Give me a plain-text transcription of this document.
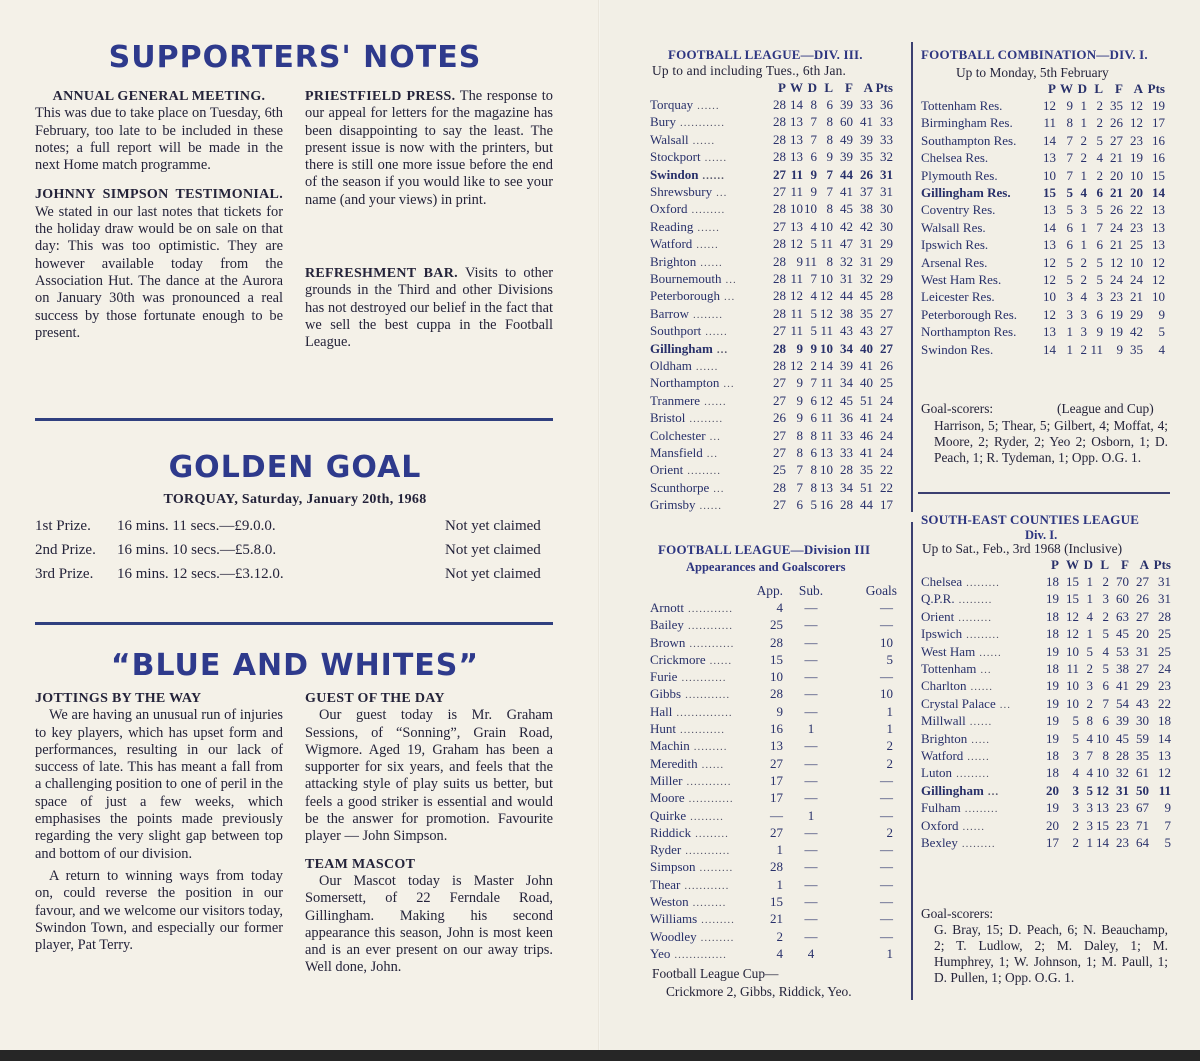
SUPPORTERS' NOTES

ANNUAL GENERAL MEETING.

This was due to take place on Tuesday, 6th February, too late to be included in these notes; a full report will be made in the next Home match programme.

JOHNNY SIMPSON TESTIMONIAL. We stated in our last notes that tickets for the holiday draw would be on sale on that day: This was too optimistic. They are however available today from the Association Hut. The dance at the Aurora on January 30th was pronounced a real success by those fortunate enough to be present.

PRIESTFIELD PRESS. The response to our appeal for letters for the magazine has been disappointing to say the least. The present issue is now with the printers, but there is still one more issue before the end of the season if you would like to see your name (and your views) in print.

REFRESHMENT BAR. Visits to other grounds in the Third and other Divisions has not destroyed our belief in the fact that we sell the best cuppa in the Football League.

GOLDEN GOAL
TORQUAY, Saturday, January 20th, 1968
1st Prize. 16 mins. 11 secs.—£9.0.0.	Not yet claimed
2nd Prize. 16 mins. 10 secs.—£5.8.0.	Not yet claimed
3rd Prize. 16 mins. 12 secs.—£3.12.0.	Not yet claimed
“BLUE AND WHITES”

JOTTINGS BY THE WAY

We are having an unusual run of injuries to key players, which has upset form and performances, resulting in our lack of success of late. This has meant a fall from a challenging position to one of peril in the space of just a few weeks, which emphasises the points made previously regarding the very slight gap between top and bottom of our division.

A return to winning ways from today on, could reverse the position in our favour, and we welcome our visitors today, Swindon Town, and especially our former player, Pat Terry.

GUEST OF THE DAY

Our guest today is Mr. Graham Sessions, of “Sonning”, Grain Road, Wigmore. Aged 19, Graham has been a supporter for six years, and feels that the attacking style of play suits us better, but feels a good striker is essential and would be the answer for promotion. Favourite player — John Simpson.

TEAM MASCOT

Our Mascot today is Master John Somersett, of 22 Ferndale Road, Gillingham. Making his second appearance this season, John is most keen and is an ever present on our away trips. Well done, John.

FOOTBALL LEAGUE—DIV. III.
Up to and including Tues., 6th Jan.
	P	W	D	L	F	A	Pts
Torquay ......	28	14	8	6	39	33	36
Bury ............	28	13	7	8	60	41	33
Walsall ......	28	13	7	8	49	39	33
Stockport ......	28	13	6	9	39	35	32
Swindon ......	27	11	9	7	44	26	31
Shrewsbury ...	27	11	9	7	41	37	31
Oxford .........	28	10	10	8	45	38	30
Reading ......	27	13	4	10	42	42	30
Watford ......	28	12	5	11	47	31	29
Brighton ......	28	9	11	8	32	31	29
Bournemouth ...	28	11	7	10	31	32	29
Peterborough ...	28	12	4	12	44	45	28
Barrow ........	28	11	5	12	38	35	27
Southport ......	27	11	5	11	43	43	27
Gillingham ...	28	9	9	10	34	40	27
Oldham ......	28	12	2	14	39	41	26
Northampton ...	27	9	7	11	34	40	25
Tranmere ......	27	9	6	12	45	51	24
Bristol .........	26	9	6	11	36	41	24
Colchester ...	27	8	8	11	33	46	24
Mansfield ...	27	8	6	13	33	41	24
Orient .........	25	7	8	10	28	35	22
Scunthorpe ...	28	7	8	13	34	51	22
Grimsby ......	27	6	5	16	28	44	17
FOOTBALL LEAGUE—Division III
Appearances and Goalscorers
	App.	Sub.	Goals
Arnott ............	4	—	—
Bailey ............	25	—	—
Brown ............	28	—	10
Crickmore ......	15	—	5
Furie ............	10	—	—
Gibbs ............	28	—	10
Hall ...............	9	—	1
Hunt ............	16	1	1
Machin .........	13	—	2
Meredith ......	27	—	2
Miller ............	17	—	—
Moore ............	17	—	—
Quirke .........	—	1	—
Riddick .........	27	—	2
Ryder ............	1	—	—
Simpson .........	28	—	—
Thear ............	1	—	—
Weston .........	15	—	—
Williams .........	21	—	—
Woodley .........	2	—	—
Yeo ..............	4	4	1
Football League Cup—
Crickmore 2, Gibbs, Riddick, Yeo.
FOOTBALL COMBINATION—DIV. I.
Up to Monday, 5th February
	P	W	D	L	F	A	Pts
Tottenham Res.	12	9	1	2	35	12	19
Birmingham Res.	11	8	1	2	26	12	17
Southampton Res.	14	7	2	5	27	23	16
Chelsea Res.	13	7	2	4	21	19	16
Plymouth Res.	10	7	1	2	20	10	15
Gillingham Res.	15	5	4	6	21	20	14
Coventry Res.	13	5	3	5	26	22	13
Walsall Res.	14	6	1	7	24	23	13
Ipswich Res.	13	6	1	6	21	25	13
Arsenal Res.	12	5	2	5	12	10	12
West Ham Res.	12	5	2	5	24	24	12
Leicester Res.	10	3	4	3	23	21	10
Peterborough Res.	12	3	3	6	19	29	9
Northampton Res.	13	1	3	9	19	42	5
Swindon Res.	14	1	2	11	9	35	4
Goal-scorers:	(League and Cup)
Harrison, 5; Thear, 5; Gilbert, 4; Moffat, 4; Moore, 2; Ryder, 2; Yeo 2; Osborn, 1; D. Peach, 1; R. Tydeman, 1; Opp. O.G. 1.
SOUTH-EAST COUNTIES LEAGUE
Div. I.
Up to Sat., Feb., 3rd 1968 (Inclusive)
	P	W	D	L	F	A	Pts
Chelsea .........	18	15	1	2	70	27	31
Q.P.R. .........	19	15	1	3	60	26	31
Orient .........	18	12	4	2	63	27	28
Ipswich .........	18	12	1	5	45	20	25
West Ham ......	19	10	5	4	53	31	25
Tottenham ...	18	11	2	5	38	27	24
Charlton ......	19	10	3	6	41	29	23
Crystal Palace ...	19	10	2	7	54	43	22
Millwall ......	19	5	8	6	39	30	18
Brighton .....	19	5	4	10	45	59	14
Watford ......	18	3	7	8	28	35	13
Luton .........	18	4	4	10	32	61	12
Gillingham ...	20	3	5	12	31	50	11
Fulham .........	19	3	3	13	23	67	9
Oxford ......	20	2	3	15	23	71	7
Bexley .........	17	2	1	14	23	64	5
Goal-scorers:
G. Bray, 15; D. Peach, 6; N. Beauchamp, 2; T. Ludlow, 2; M. Daley, 1; M. Humphrey, 1; W. Johnson, 1; M. Paull, 1; D. Pullen, 1; Opp. O.G. 1.
